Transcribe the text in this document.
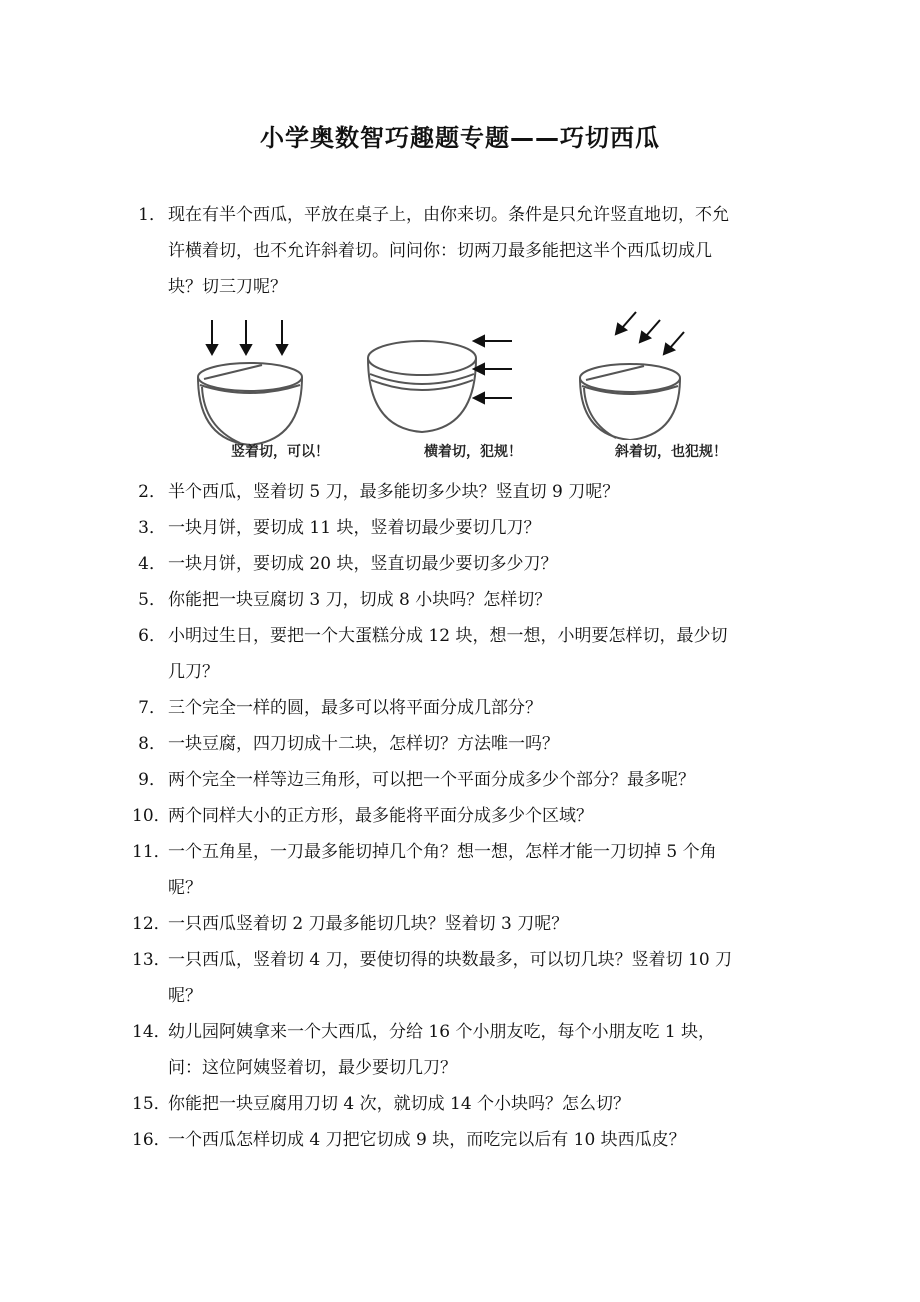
小学奥数智巧趣题专题——巧切西瓜
1． 现在有半个西瓜，平放在桌子上，由你来切。条件是只允许竖直地切，不允
许横着切，也不允许斜着切。问问你：切两刀最多能把这半个西瓜切成几
块？切三刀呢？
竖着切，可以！	横着切，犯规！	斜着切，也犯规！
2． 半个西瓜，竖着切 5 刀，最多能切多少块？竖直切 9 刀呢？
3． 一块月饼，要切成 11 块，竖着切最少要切几刀？
4． 一块月饼，要切成 20 块，竖直切最少要切多少刀？
5． 你能把一块豆腐切 3 刀，切成 8 小块吗？怎样切？
6． 小明过生日，要把一个大蛋糕分成 12 块，想一想，小明要怎样切，最少切
几刀？
7． 三个完全一样的圆，最多可以将平面分成几部分？
8． 一块豆腐，四刀切成十二块，怎样切？方法唯一吗？
9． 两个完全一样等边三角形，可以把一个平面分成多少个部分？最多呢？
10．
两个同样大小的正方形，最多能将平面分成多少个区域？
11．
一个五角星，一刀最多能切掉几个角？想一想，怎样才能一刀切掉 5 个角
呢？
12．
一只西瓜竖着切 2 刀最多能切几块？竖着切 3 刀呢？
13．
一只西瓜，竖着切 4 刀，要使切得的块数最多，可以切几块？竖着切 10 刀
呢？
14．
幼儿园阿姨拿来一个大西瓜，分给 16 个小朋友吃，每个小朋友吃 1 块，
问：这位阿姨竖着切，最少要切几刀？
15．
你能把一块豆腐用刀切 4 次，就切成 14 个小块吗？怎么切？
16．
一个西瓜怎样切成 4 刀把它切成 9 块，而吃完以后有 10 块西瓜皮？
